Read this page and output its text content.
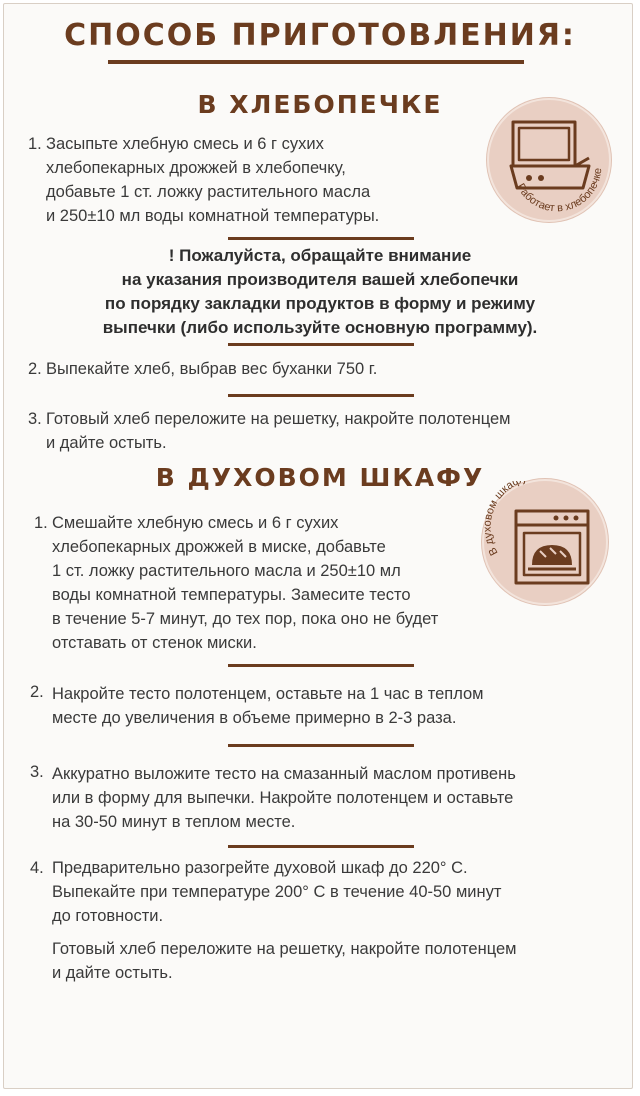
СПОСОБ ПРИГОТОВЛЕНИЯ:
В ХЛЕБОПЕЧКЕ
1. Засыпьте хлебную смесь и 6 г сухих
хлебопекарных дрожжей в хлебопечку,
добавьте 1 ст. ложку растительного масла
и 250±10 мл воды комнатной температуры.
Работает в хлебопечке
! Пожалуйста, обращайте внимание
на указания производителя вашей хлебопечки
по порядку закладки продуктов в форму и режиму
выпечки (либо используйте основную программу).
2. Выпекайте хлеб, выбрав вес буханки 750 г.
3. Готовый хлеб переложите на решетку, накройте полотенцем
и дайте остыть.
В ДУХОВОМ ШКАФУ
1. Смешайте хлебную смесь и 6 г сухих
хлебопекарных дрожжей в миске, добавьте
1 ст. ложку растительного масла и 250±10 мл
воды комнатной температуры. Замесите тесто
в течение 5-7 минут, до тех пор, пока оно не будет
отставать от стенок миски.
В д ом шкаф
2. Накройте тесто полотенцем, оставьте на 1 час в теплом
месте до увеличения в объеме примерно в 2-3 раза.
3. Аккуратно выложите тесто на смазанный маслом противень
или в форму для выпечки. Накройте полотенцем и оставьте
на 30-50 минут в теплом месте.
4. Предварительно разогрейте духовой шкаф до 220° С.
Выпекайте при температуре 200° С в течение 40-50 минут
до готовности.
Готовый хлеб переложите на решетку, накройте полотенцем
и дайте остыть.
